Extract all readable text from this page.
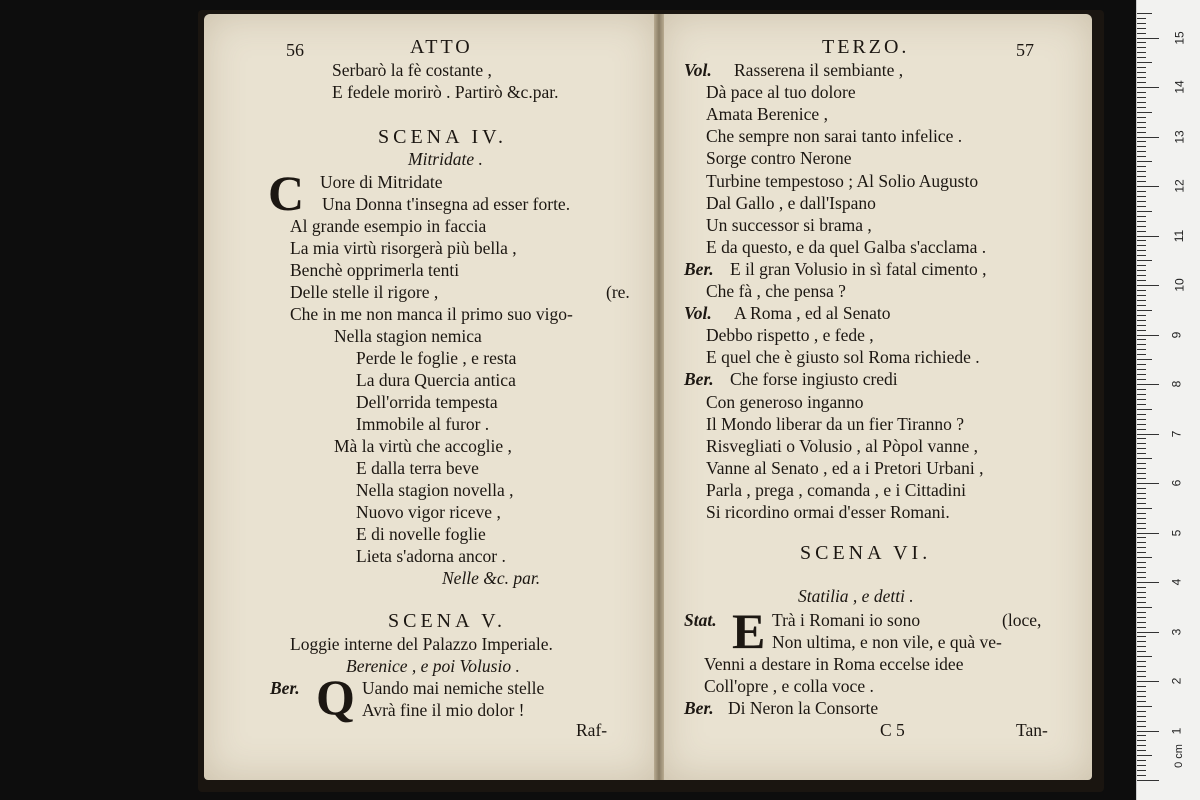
56	ATTO
Serbarò la fè costante ,
E fedele morirò . Partirò &c.par.
SCENA IV.
Mitridate .
C Uore di Mitridate
Una Donna t'insegna ad esser forte.
Al grande esempio in faccia
La mia virtù risorgerà più bella ,
Benchè opprimerla tenti
Delle stelle il rigore ,	(re.
Che in me non manca il primo suo vigo-
Nella stagion nemica
Perde le foglie , e resta
La dura Quercia antica
Dell'orrida tempesta
Immobile al furor .
Mà la virtù che accoglie ,
E dalla terra beve
Nella stagion novella ,
Nuovo vigor riceve ,
E di novelle foglie
Lieta s'adorna ancor .
Nelle &c. par.
SCENA V.
Loggie interne del Palazzo Imperiale.
Berenice , e poi Volusio .
Ber. Q Uando mai nemiche stelle
Avrà fine il mio dolor !
Raf-
TERZO.	57
Vol. Rasserena il sembiante ,
Dà pace al tuo dolore
Amata Berenice ,
Che sempre non sarai tanto infelice .
Sorge contro Nerone
Turbine tempestoso ; Al Solio Augusto
Dal Gallo , e dall'Ispano
Un successor si brama ,
E da questo, e da quel Galba s'acclama .
Ber. E il gran Volusio in sì fatal cimento ,
Che fà , che pensa ?
Vol. A Roma , ed al Senato
Debbo rispetto , e fede ,
E quel che è giusto sol Roma richiede .
Ber. Che forse ingiusto credi
Con generoso inganno
Il Mondo liberar da un fier Tiranno ?
Risvegliati o Volusio , al Pòpol vanne ,
Vanne al Senato , ed a i Pretori Urbani ,
Parla , prega , comanda , e i Cittadini
Si ricordino ormai d'esser Romani.
SCENA VI.
Statilia , e detti .
Stat. E Trà i Romani io sono	(loce,
Non ultima, e non vile, e quà ve-
Venni a destare in Roma eccelse idee
Coll'opre , e colla voce .
Ber. Di Neron la Consorte
C 5	Tan-
0 cm
1
2
3
4
5
6
7
8
9
10
11
12
13
14
15
